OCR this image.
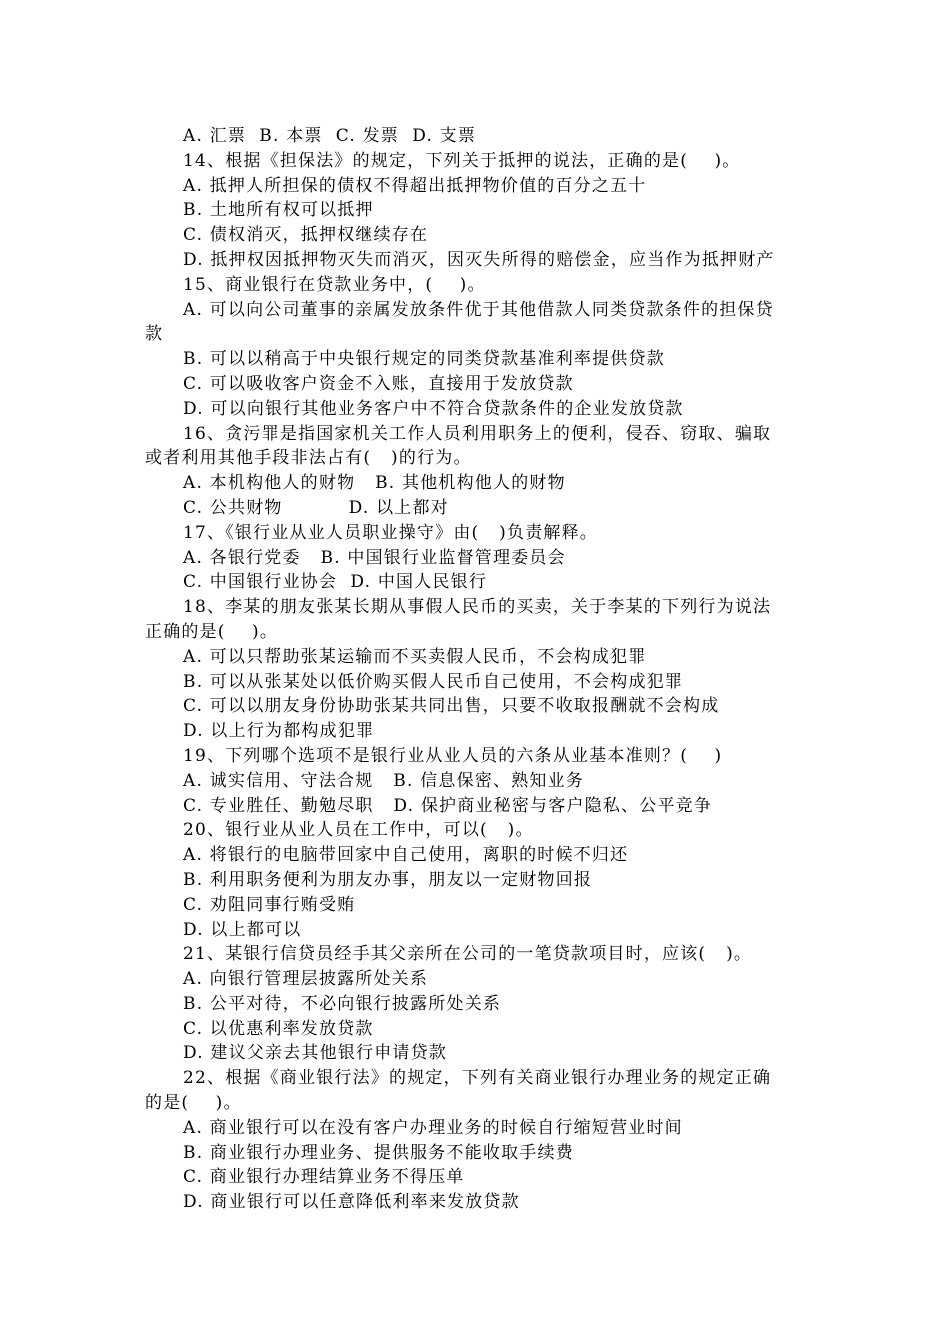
A. 汇票  B. 本票  C. 发票  D. 支票
14、根据《担保法》的规定，下列关于抵押的说法，正确的是(    )。
A. 抵押人所担保的债权不得超出抵押物价值的百分之五十
B. 土地所有权可以抵押
C. 债权消灭，抵押权继续存在
D. 抵押权因抵押物灭失而消灭，因灭失所得的赔偿金，应当作为抵押财产
15、商业银行在贷款业务中，(    )。
A. 可以向公司董事的亲属发放条件优于其他借款人同类贷款条件的担保贷
款
B. 可以以稍高于中央银行规定的同类贷款基准利率提供贷款
C. 可以吸收客户资金不入账，直接用于发放贷款
D. 可以向银行其他业务客户中不符合贷款条件的企业发放贷款
16、贪污罪是指国家机关工作人员利用职务上的便利，侵吞、窃取、骗取
或者利用其他手段非法占有(   )的行为。
A. 本机构他人的财物   B. 其他机构他人的财物
C. 公共财物          D. 以上都对
17、《银行业从业人员职业操守》由(   )负责解释。
A. 各银行党委   B. 中国银行业监督管理委员会
C. 中国银行业协会  D. 中国人民银行
18、李某的朋友张某长期从事假人民币的买卖，关于李某的下列行为说法
正确的是(    )。
A. 可以只帮助张某运输而不买卖假人民币，不会构成犯罪
B. 可以从张某处以低价购买假人民币自己使用，不会构成犯罪
C. 可以以朋友身份协助张某共同出售，只要不收取报酬就不会构成
D. 以上行为都构成犯罪
19、下列哪个选项不是银行业从业人员的六条从业基本准则？(    )
A. 诚实信用、守法合规   B. 信息保密、熟知业务
C. 专业胜任、勤勉尽职   D. 保护商业秘密与客户隐私、公平竞争
20、银行业从业人员在工作中，可以(   )。
A. 将银行的电脑带回家中自己使用，离职的时候不归还
B. 利用职务便利为朋友办事，朋友以一定财物回报
C. 劝阻同事行贿受贿
D. 以上都可以
21、某银行信贷员经手其父亲所在公司的一笔贷款项目时，应该(   )。
A. 向银行管理层披露所处关系
B. 公平对待，不必向银行披露所处关系
C. 以优惠利率发放贷款
D. 建议父亲去其他银行申请贷款
22、根据《商业银行法》的规定，下列有关商业银行办理业务的规定正确
的是(    )。
A. 商业银行可以在没有客户办理业务的时候自行缩短营业时间
B. 商业银行办理业务、提供服务不能收取手续费
C. 商业银行办理结算业务不得压单
D. 商业银行可以任意降低利率来发放贷款
